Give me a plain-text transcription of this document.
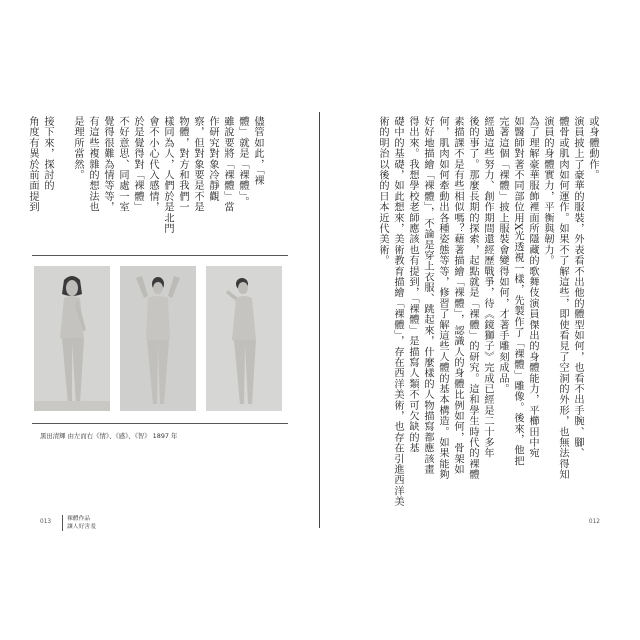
儘管如此，「裸
體」就是「裸體」。
雖說要將「裸體」當
作研究對象冷靜觀
察，但對象要是不是
物體，對方和我們一
樣同為人，人們於是北門
會不小心代入感情，
於是覺得對「裸體」
不好意思、同處一室
覺得很難為情等等，
有這些複雜的想法也
是理所當然。

接下來，探討的
角度有異於前面提到
黑田清輝 由左而右《情》、《感》、《智》 1897 年
013	裸體作品
讓人好害羞
或身體動作。
演員披上了豪華的服裝，外表看不出他的體型如何，也看不出手腕、腳、
體骨或肌肉如何運作。如果不了解這些，即使看見了空洞的外形，也無法得知
演員的身體實力，平衡與韌力。
為了理解豪華服飾裡面所隱藏的歌舞伎演員傑出的身體能力，平櫛田中宛
如醫師對著不同部位用X光透視一樣，先製作了「裸體」雕像。後來，他把
完著這個「裸體」披上服裝會變得如何，才著手雕刻成品。
經過這些努力、創作期間還經歷戰爭，待《鏡獅子》完成已經是二十多年
後的事了。那麼長期的探索，起點就是「裸體」的研究。這和學生時代的裸體
素描課不是有些相似嗎？藉著描繪「裸體」，認識人的身體比例如何，骨架如
何，肌肉如何牽動出各種姿態等等，修習了解這些人體的基本構造。如果能夠
好好地描繪「裸體」，不論是穿上衣服、跳起來，什麼樣的人物描寫都應該畫
得出來。我想學校老師應該也有提到，「裸體」是描寫人類不可欠缺的基
礎中的基礎，如此想來，美術教育描繪「裸體」，存在西洋美術，也存在引進西洋美
術的明治以後的日本近代美術。
012
